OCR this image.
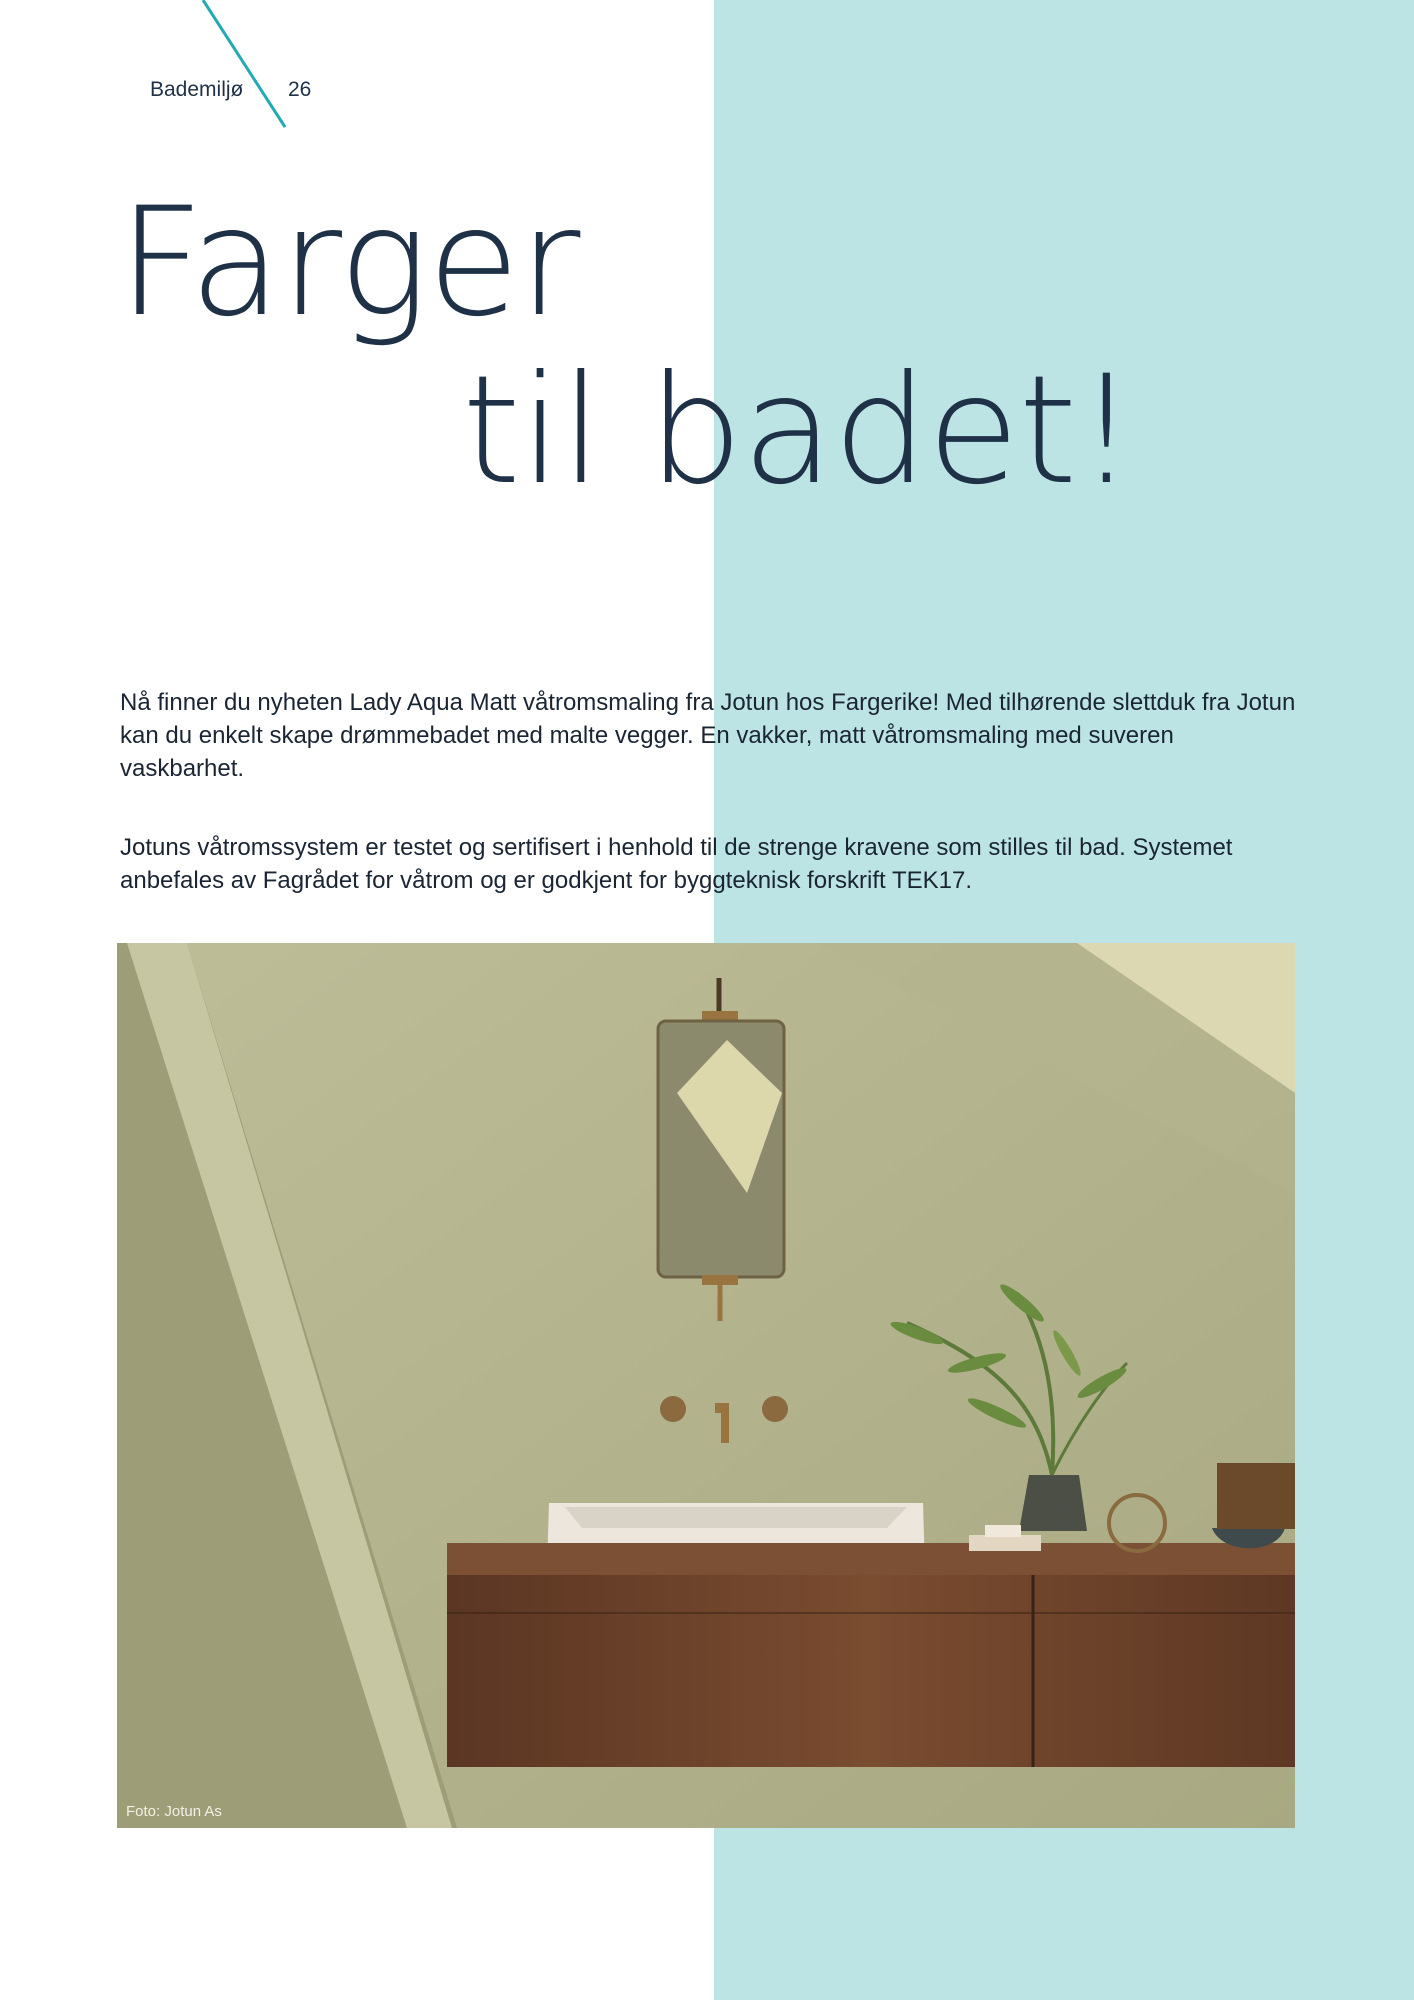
Bademiljø 26
Farger
til badet!

Nå finner du nyheten Lady Aqua Matt våtromsmaling fra Jotun hos Fargerike! Med tilhørende slettduk fra Jotun kan du enkelt skape drømmebadet med malte vegger. En vakker, matt våtromsmaling med suveren vaskbarhet.

Jotuns våtromssystem er testet og sertifisert i henhold til de strenge kravene som stilles til bad. Systemet anbefales av Fagrådet for våtrom og er godkjent for byggteknisk forskrift TEK17.

Foto: Jotun As
